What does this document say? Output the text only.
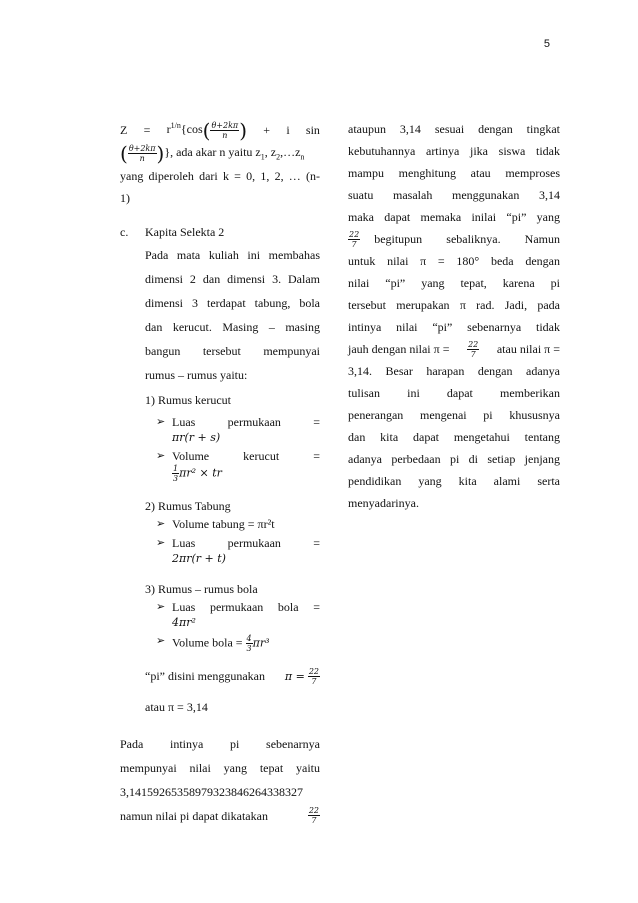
5
$Z = r^{1/n}\{\cos( \frac{\theta+2k\pi}{n}$ ) + i sin

( $\frac{\theta+2k\pi}{n}$ )}, ada akar n yaitu $z_1$, $z_2,\dots z_n$

yang diperoleh dari k = 0, 1, 2, … (n-

1)

c. Kapita Selekta 2

Pada mata kuliah ini membahas

dimensi 2 dan dimensi 3. Dalam

dimensi 3 terdapat tabung, bola

dan kerucut. Masing – masing

bangun tersebut mempunyai

rumus – rumus yaitu:

1) Rumus kerucut

➢ Luas permukaan =

πr(r + s)

➢ Volume kerucut =

$\frac{1}{3} \pi r^2$ × tr

2) Rumus Tabung

➢ Volume tabung = πr²t

➢ Luas permukaan =

2πr(r + t)

3) Rumus – rumus bola

➢ Luas permukaan bola =

4πr²

➢ Volume bola = $\frac{4}{3} \pi r^3$

“pi” disini menggunakan $\pi = \frac{22}{7}$

atau π = 3,14

Pada intinya pi sebenarnya

mempunyai nilai yang tepat yaitu

3,14159265358979323846264338327

namun nilai pi dapat dikatakan	$\frac{22}{7}$

ataupun 3,14 sesuai dengan tingkat

kebutuhannya artinya jika siswa tidak

mampu menghitung atau memproses

suatu masalah menggunakan 3,14

maka dapat memaka inilai “pi” yang

$\frac{22}{7}$ begitupun sebaliknya. Namun

untuk nilai π = 180° beda dengan

nilai “pi” yang tepat, karena pi

tersebut merupakan π rad. Jadi, pada

intinya nilai “pi” sebenarnya tidak

jauh dengan nilai $\pi = \frac{22}{7}$ atau nilai π =

3,14. Besar harapan dengan adanya

tulisan ini dapat memberikan

penerangan mengenai pi khususnya

dan kita dapat mengetahui tentang

adanya perbedaan pi di setiap jenjang

pendidikan yang kita alami serta

menyadarinya.
